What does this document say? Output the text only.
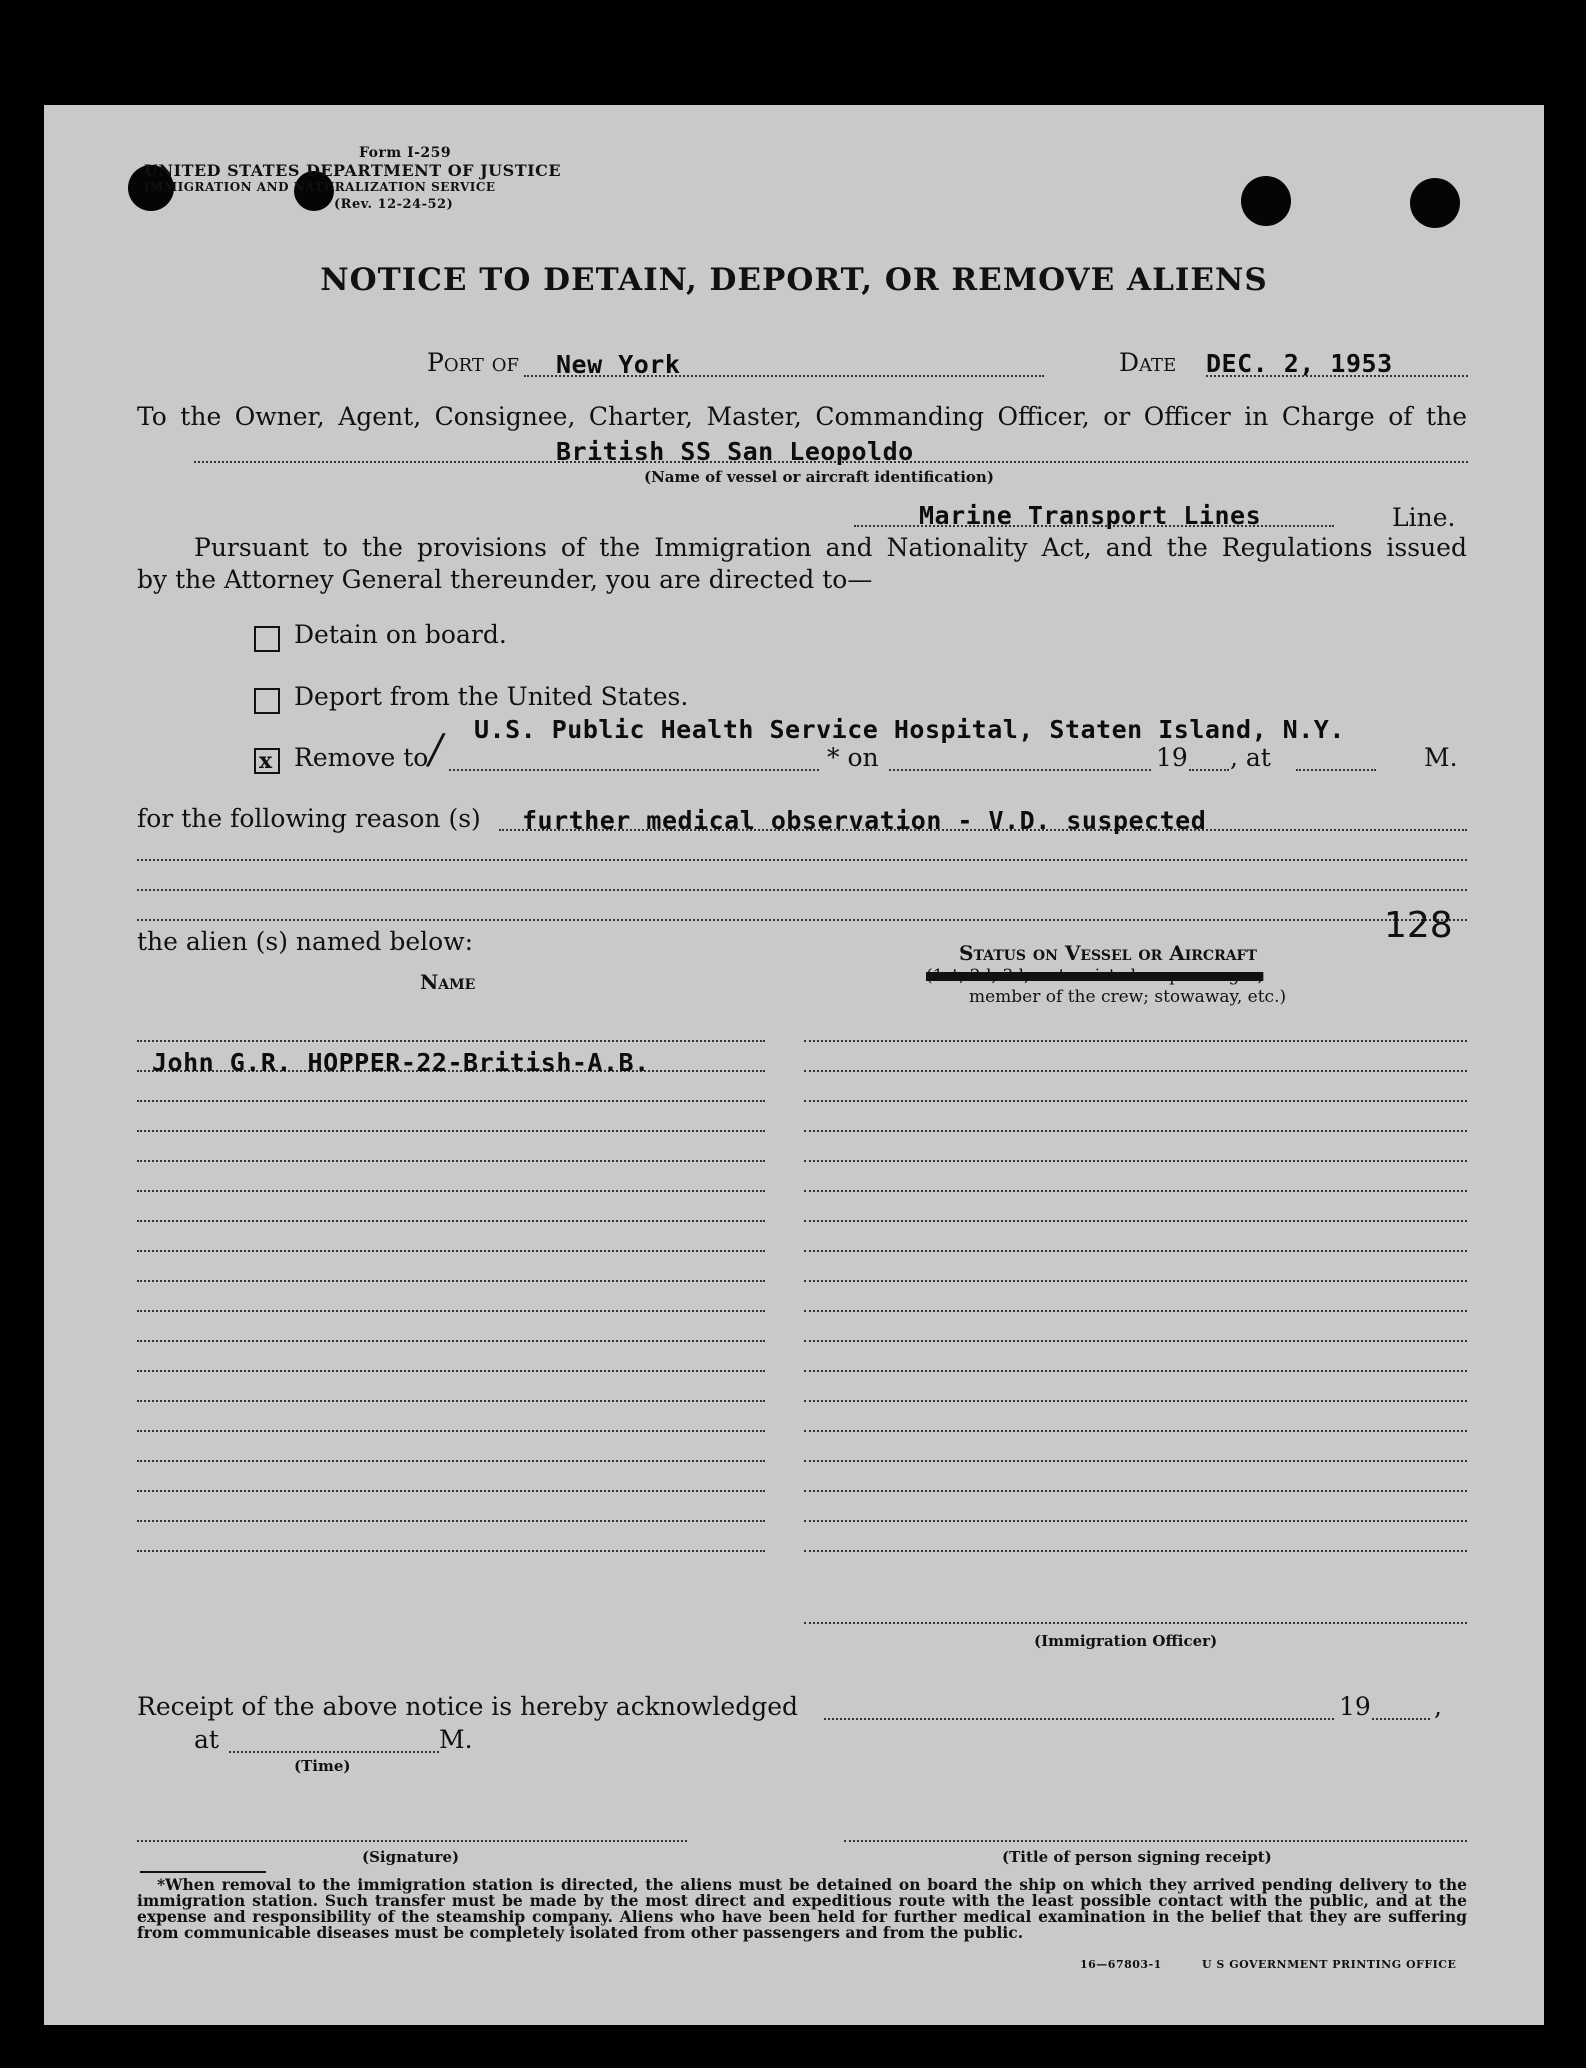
Form I-259
UNITED STATES DEPARTMENT OF JUSTICE
IMMIGRATION AND NATURALIZATION SERVICE
(Rev. 12-24-52)
NOTICE TO DETAIN, DEPORT, OR REMOVE ALIENS
Port of New York	Date DEC. 2, 1953
To the Owner, Agent, Consignee, Charter, Master, Commanding Officer, or Officer in Charge of the
British SS San Leopoldo
(Name of vessel or aircraft identification)
Marine Transport Lines	Line.
Pursuant to the provisions of the Immigration and Nationality Act, and the Regulations issued
by the Attorney General thereunder, you are directed to—
Detain on board.
Deport from the United States.
x Remove to / U.S. Public Health Service Hospital, Staten Island, N.Y.
* on	19 , at	M.
for the following reason (s) further medical observation - V.D. suspected
128
the alien (s) named below:
Name
Status on Vessel or Aircraft
(1st, 2d, 3d, or tourist class passenger;
member of the crew; stowaway, etc.)
John G.R. HOPPER-22-British-A.B.
(Immigration Officer)
Receipt of the above notice is hereby acknowledged	19	,
at	M.
(Time)
(Signature)	(Title of person signing receipt)
*When removal to the immigration station is directed, the aliens must be detained on board the ship on which they arrived pending delivery to the immigration station. Such transfer must be made by the most direct and expeditious route with the least possible contact with the public, and at the expense and responsibility of the steamship company. Aliens who have been held for further medical examination in the belief that they are suffering from communicable diseases must be completely isolated from other passengers and from the public.
16—67803-1	U S GOVERNMENT PRINTING OFFICE
